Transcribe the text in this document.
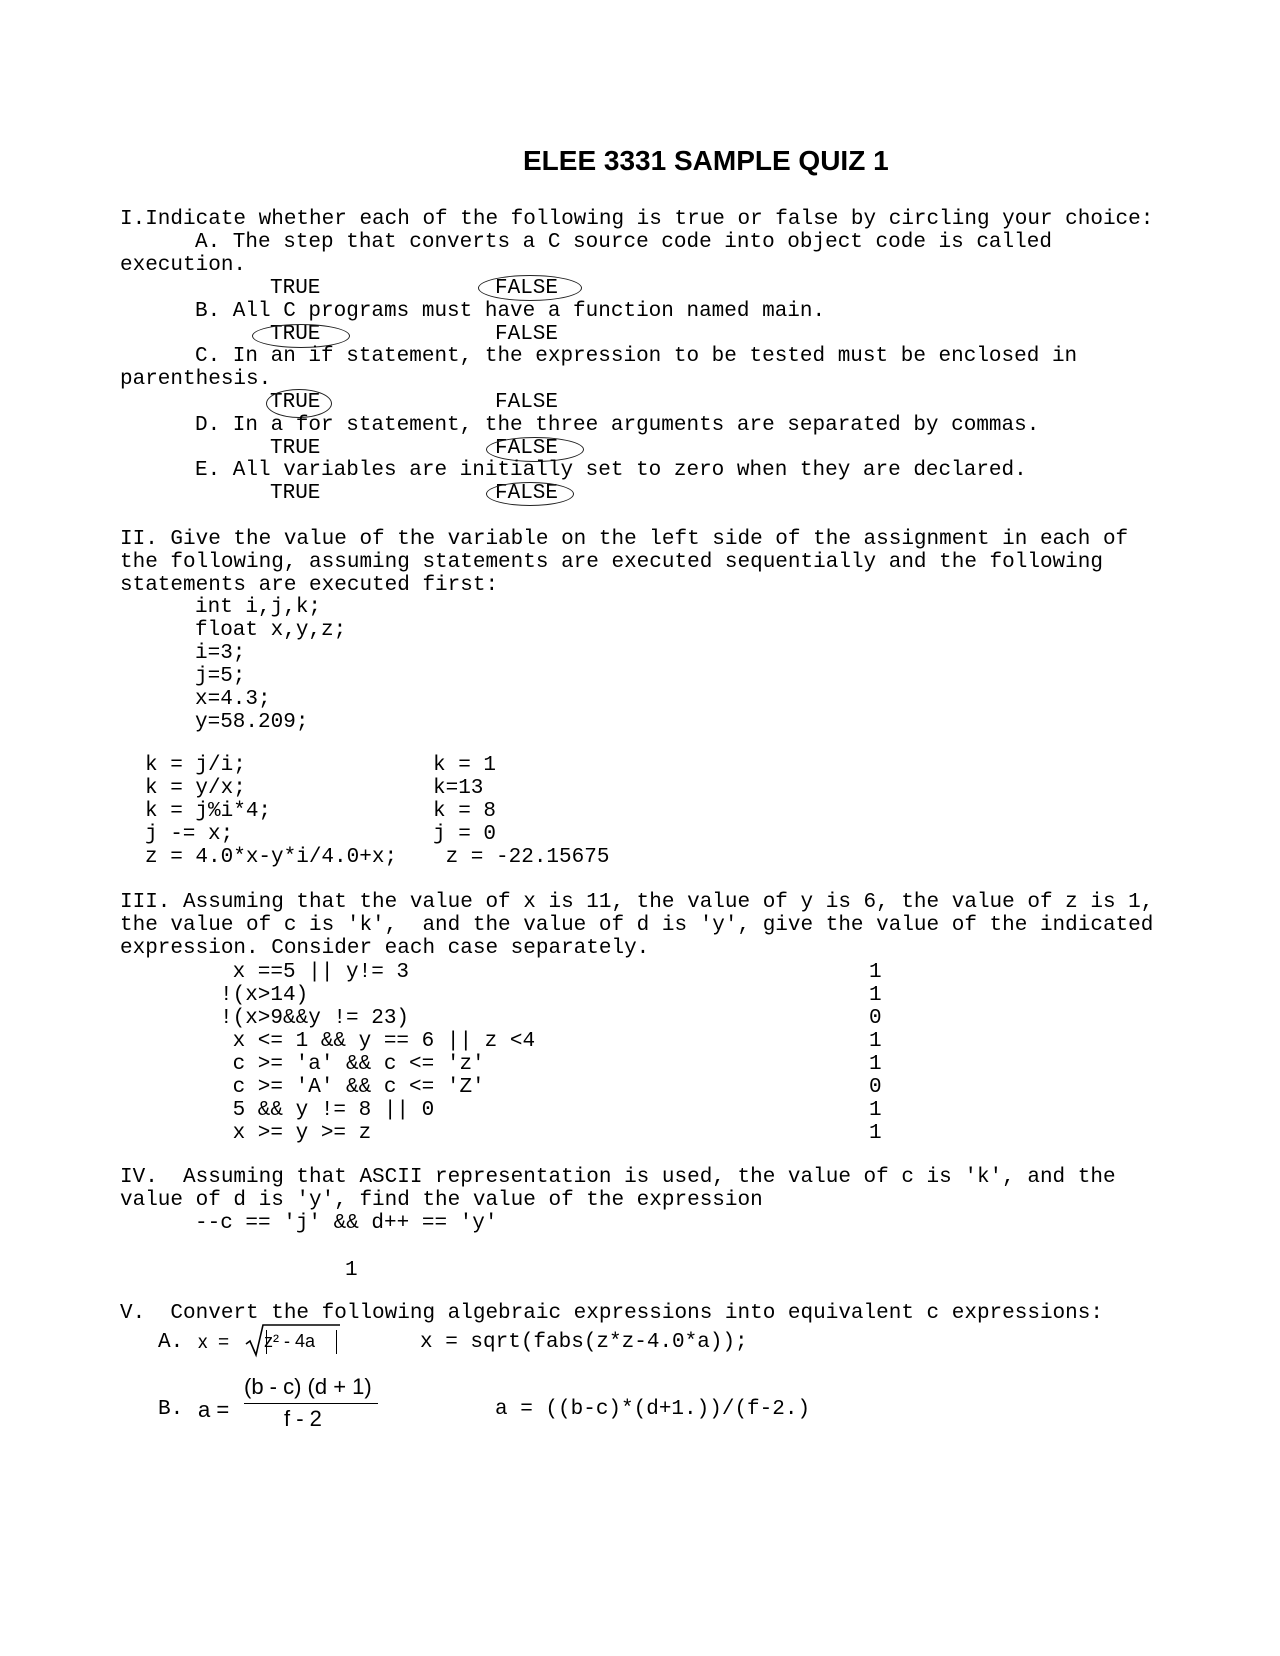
ELEE 3331 SAMPLE QUIZ 1
I.Indicate whether each of the following is true or false by circling your choice:
A. The step that converts a C source code into object code is called
execution.
TRUE	FALSE
B. All C programs must have a function named main.
TRUE	FALSE
C. In an if statement, the expression to be tested must be enclosed in
parenthesis.
TRUE	FALSE
D. In a for statement, the three arguments are separated by commas.
TRUE	FALSE
E. All variables are initially set to zero when they are declared.
TRUE	FALSE
II. Give the value of the variable on the left side of the assignment in each of
the following, assuming statements are executed sequentially and the following
statements are executed first:
int i,j,k;
float x,y,z;
i=3;
j=5;
x=4.3;
y=58.209;
k = j/i;	k = 1
k = y/x;	k=13
k = j%i*4;	k = 8
j -= x;	j = 0
z = 4.0*x-y*i/4.0+x; z = -22.15675
III. Assuming that the value of x is 11, the value of y is 6, the value of z is 1,
the value of c is 'k',  and the value of d is 'y', give the value of the indicated
expression. Consider each case separately.
x ==5 || y!= 3	1
!(x>14)	1
!(x>9&&y != 23)	0
x <= 1 && y == 6 || z <4	1
c >= 'a' && c <= 'z'	1
c >= 'A' && c <= 'Z'	0
5 && y != 8 || 0	1
x >= y >= z	1
IV.  Assuming that ASCII representation is used, the value of c is 'k', and the
value of d is 'y', find the value of the expression
--c == 'j' && d++ == 'y'
1
V.  Convert the following algebraic expressions into equivalent c expressions:
A. x  = z² - 4a	x = sqrt(fabs(z*z-4.0*a));
B. a =
(b - c) (d + 1)
f - 2	a = ((b-c)*(d+1.))/(f-2.)
